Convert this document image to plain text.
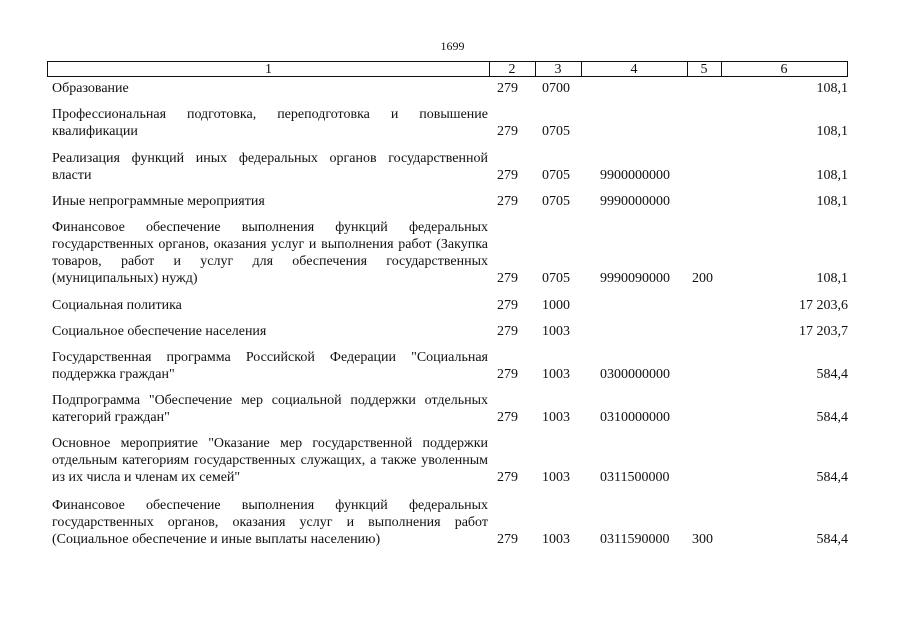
1699
1	2	3	4	5	6
Образование	279 0700	108,1
Профессиональная подготовка, переподготовка и повышение квалификации	279 0705	108,1
Реализация функций иных федеральных органов государственной власти	279 0705 9900000000	108,1
Иные непрограммные мероприятия	279 0705 9990000000	108,1
Финансовое обеспечение выполнения функций федеральных государственных органов, оказания услуг и выполнения работ (Закупка товаров, работ и услуг для обеспечения государственных (муниципальных) нужд)	279 0705 9990090000 200	108,1
Социальная политика	279 1000	17 203,6
Социальное обеспечение населения	279 1003	17 203,7
Государственная программа Российской Федерации "Социальная поддержка граждан"	279 1003 0300000000	584,4
Подпрограмма "Обеспечение мер социальной поддержки отдельных категорий граждан"	279 1003 0310000000	584,4
Основное мероприятие "Оказание мер государственной поддержки отдельным категориям государственных служащих, а также уволенным из их числа и членам их семей"	279 1003 0311500000	584,4
Финансовое обеспечение выполнения функций федеральных государственных органов, оказания услуг и выполнения работ (Социальное обеспечение и иные выплаты населению)	279 1003 0311590000 300	584,4
